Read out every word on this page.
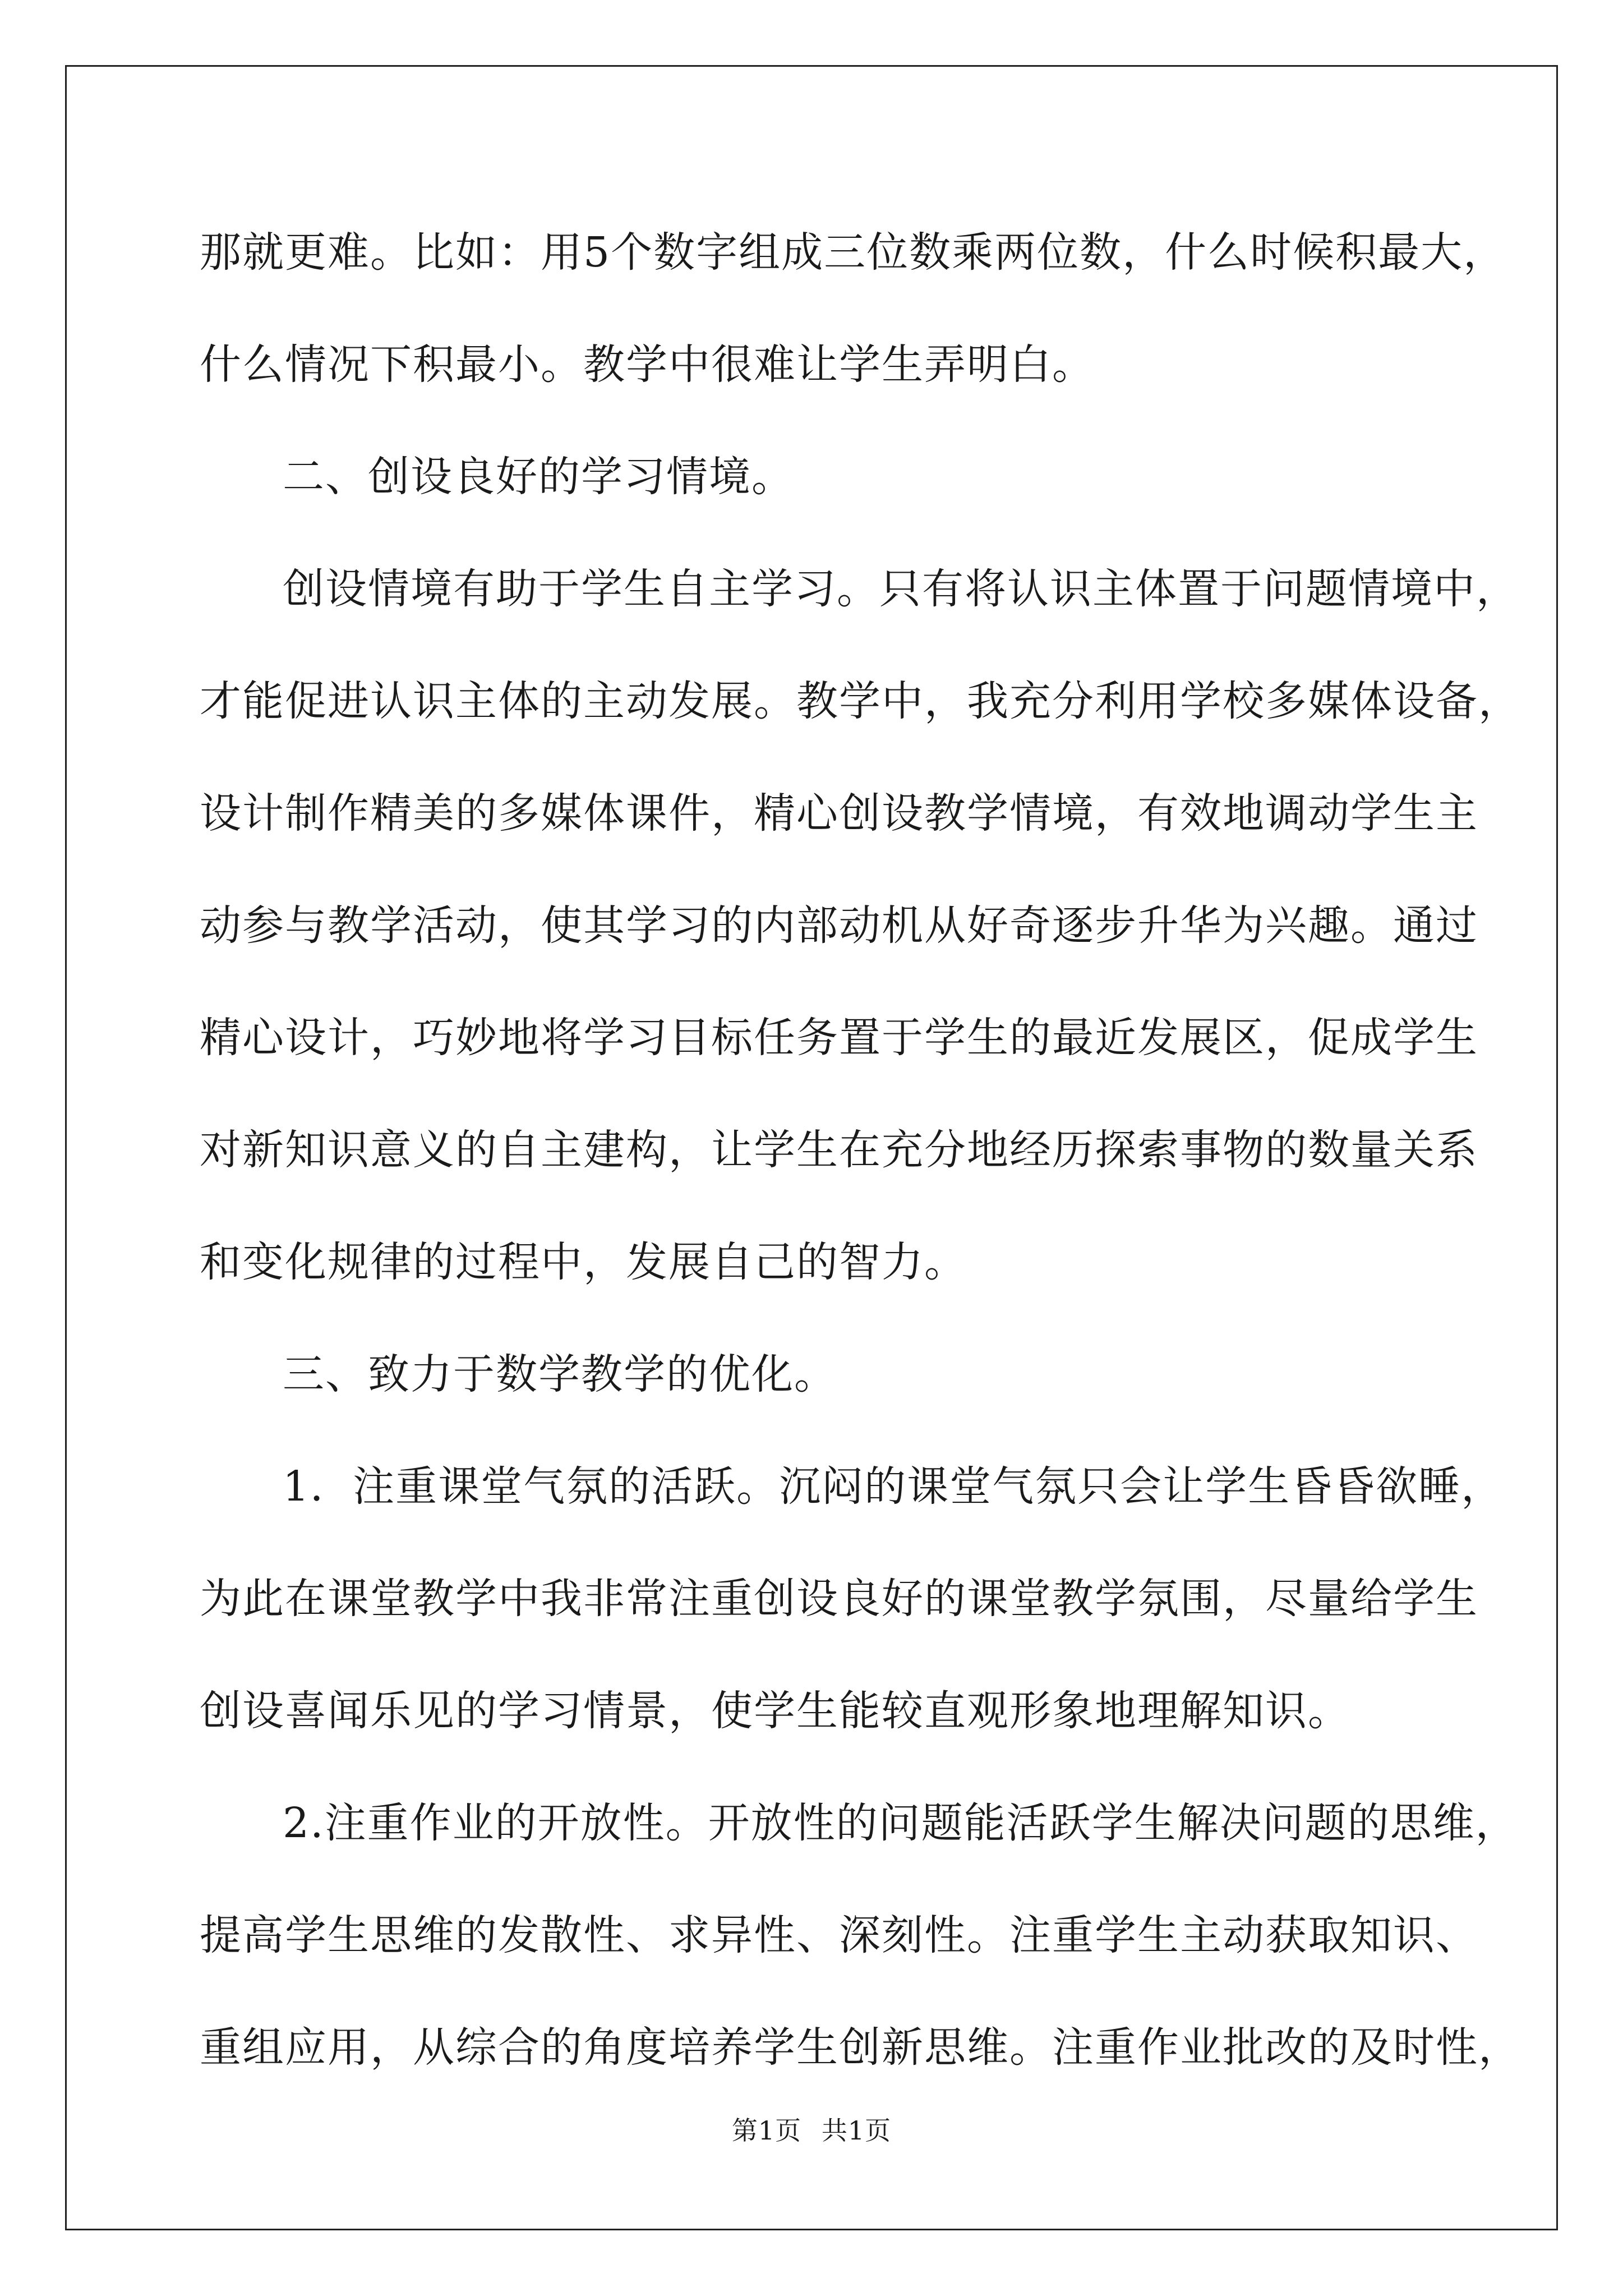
那就更难。比如：用5个数字组成三位数乘两位数，什么时候积最大，
什么情况下积最小。教学中很难让学生弄明白。
二、创设良好的学习情境。
创设情境有助于学生自主学习。只有将认识主体置于问题情境中，
才能促进认识主体的主动发展。教学中，我充分利用学校多媒体设备，
设计制作精美的多媒体课件，精心创设教学情境，有效地调动学生主
动参与教学活动，使其学习的内部动机从好奇逐步升华为兴趣。通过
精心设计，巧妙地将学习目标任务置于学生的最近发展区，促成学生
对新知识意义的自主建构，让学生在充分地经历探索事物的数量关系
和变化规律的过程中，发展自己的智力。
三、致力于数学教学的优化。
1．注重课堂气氛的活跃。沉闷的课堂气氛只会让学生昏昏欲睡，
为此在课堂教学中我非常注重创设良好的课堂教学氛围，尽量给学生
创设喜闻乐见的学习情景，使学生能较直观形象地理解知识。
2.注重作业的开放性。开放性的问题能活跃学生解决问题的思维，
提高学生思维的发散性、求异性、深刻性。注重学生主动获取知识、
重组应用，从综合的角度培养学生创新思维。注重作业批改的及时性，
第1页 共1页
